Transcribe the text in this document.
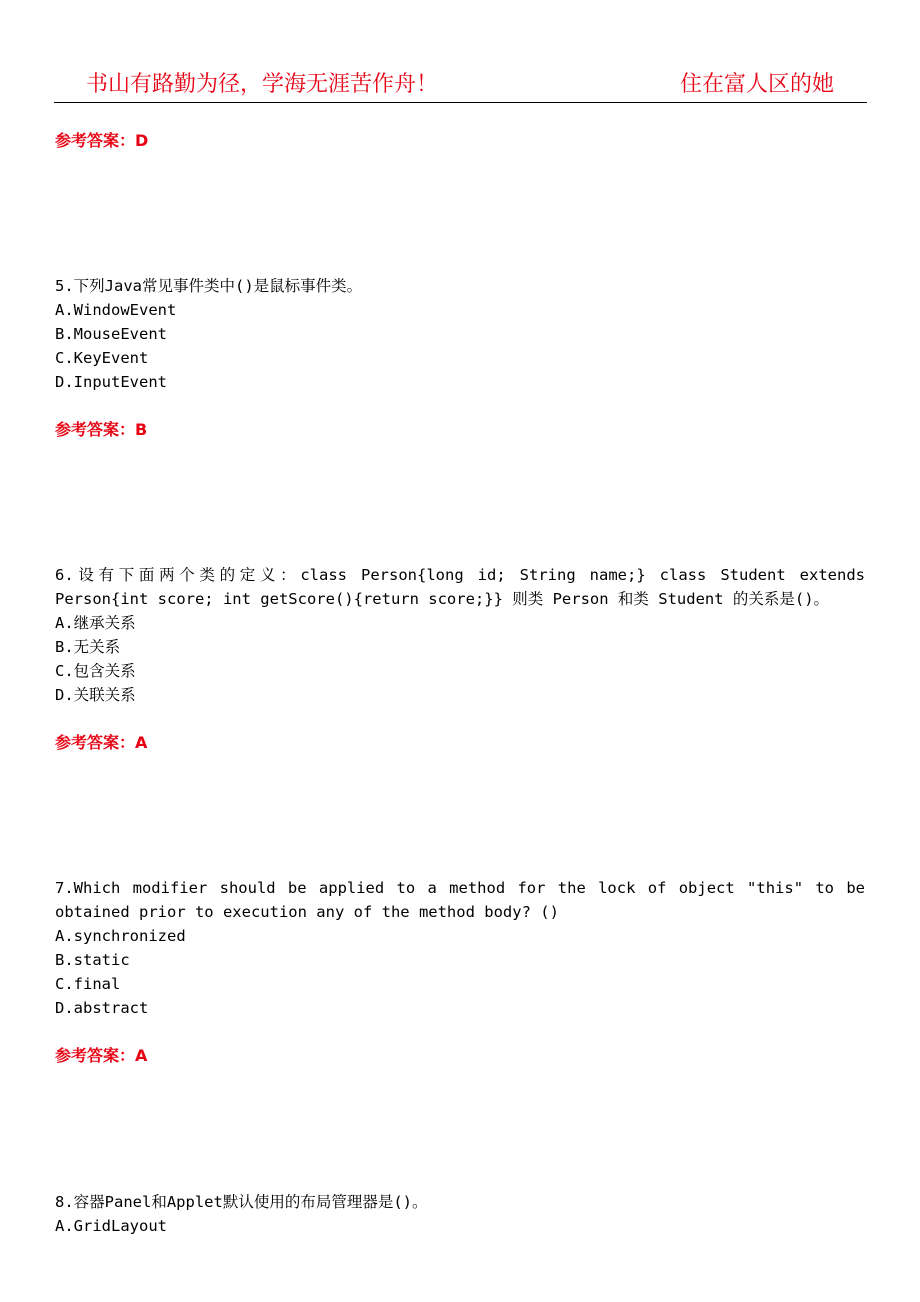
书山有路勤为径，学海无涯苦作舟！	住在富人区的她
参考答案：D

5.下列Java常见事件类中()是鼠标事件类。

A.WindowEvent

B.MouseEvent

C.KeyEvent

D.InputEvent

参考答案：B

6.设有下面两个类的定义：class Person{long id; String name;} class Student extends Person{int score; int getScore(){return score;}} 则类 Person 和类 Student 的关系是()。

A.继承关系

B.无关系

C.包含关系

D.关联关系

参考答案：A

7.Which modifier should be applied to a method for the lock of object "this" to be obtained prior to execution any of the method body? ()

A.synchronized

B.static

C.final

D.abstract

参考答案：A

8.容器Panel和Applet默认使用的布局管理器是()。

A.GridLayout
